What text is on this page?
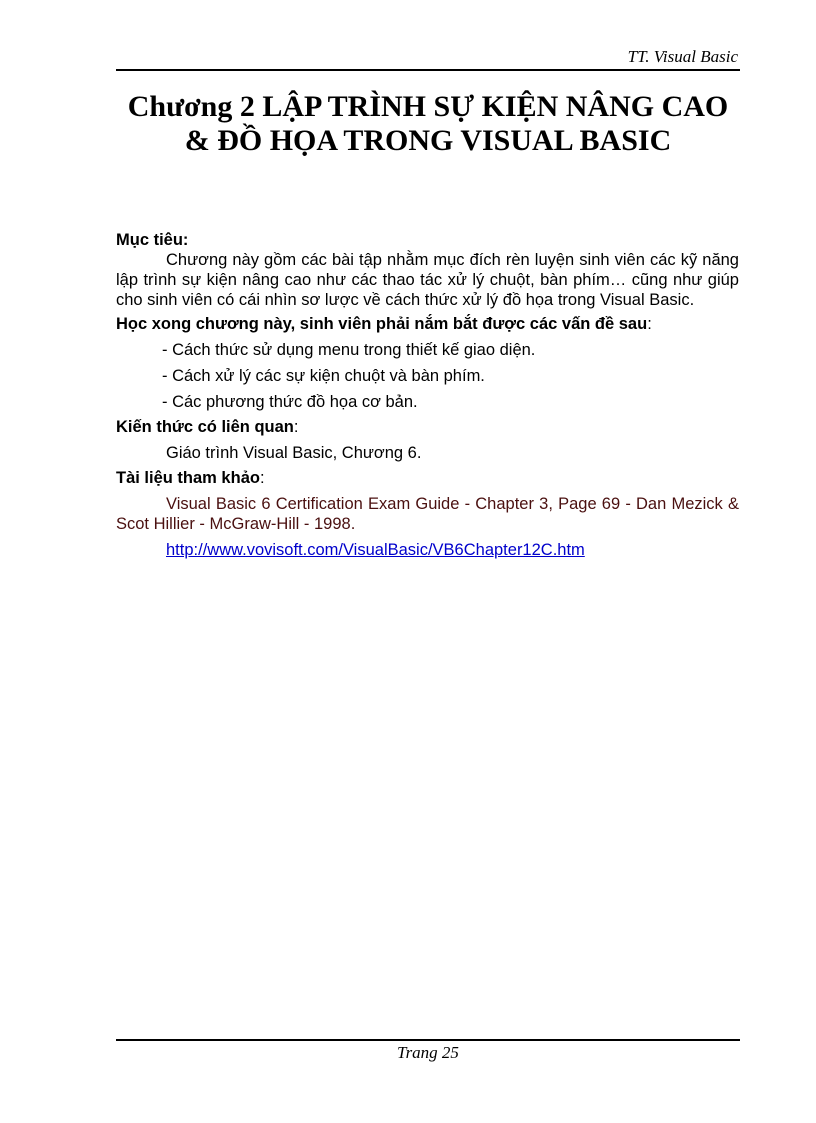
TT. Visual Basic
Chương 2 LẬP TRÌNH SỰ KIỆN NÂNG CAO
& ĐỒ HỌA TRONG VISUAL BASIC

Mục tiêu:

Chương này gồm các bài tập nhằm mục đích rèn luyện sinh viên các kỹ năng lập trình sự kiện nâng cao như các thao tác xử lý chuột, bàn phím… cũng như giúp cho sinh viên có cái nhìn sơ lược về cách thức xử lý đồ họa trong Visual Basic.

Học xong chương này, sinh viên phải nắm bắt được các vấn đề sau:

- Cách thức sử dụng menu trong thiết kế giao diện.

- Cách xử lý các sự kiện chuột và bàn phím.

- Các phương thức đồ họa cơ bản.

Kiến thức có liên quan:

Giáo trình Visual Basic, Chương 6.

Tài liệu tham khảo:

Visual Basic 6 Certification Exam Guide - Chapter 3, Page 69 - Dan Mezick & Scot Hillier - McGraw-Hill - 1998.

http://www.vovisoft.com/VisualBasic/VB6Chapter12C.htm

Trang 25
